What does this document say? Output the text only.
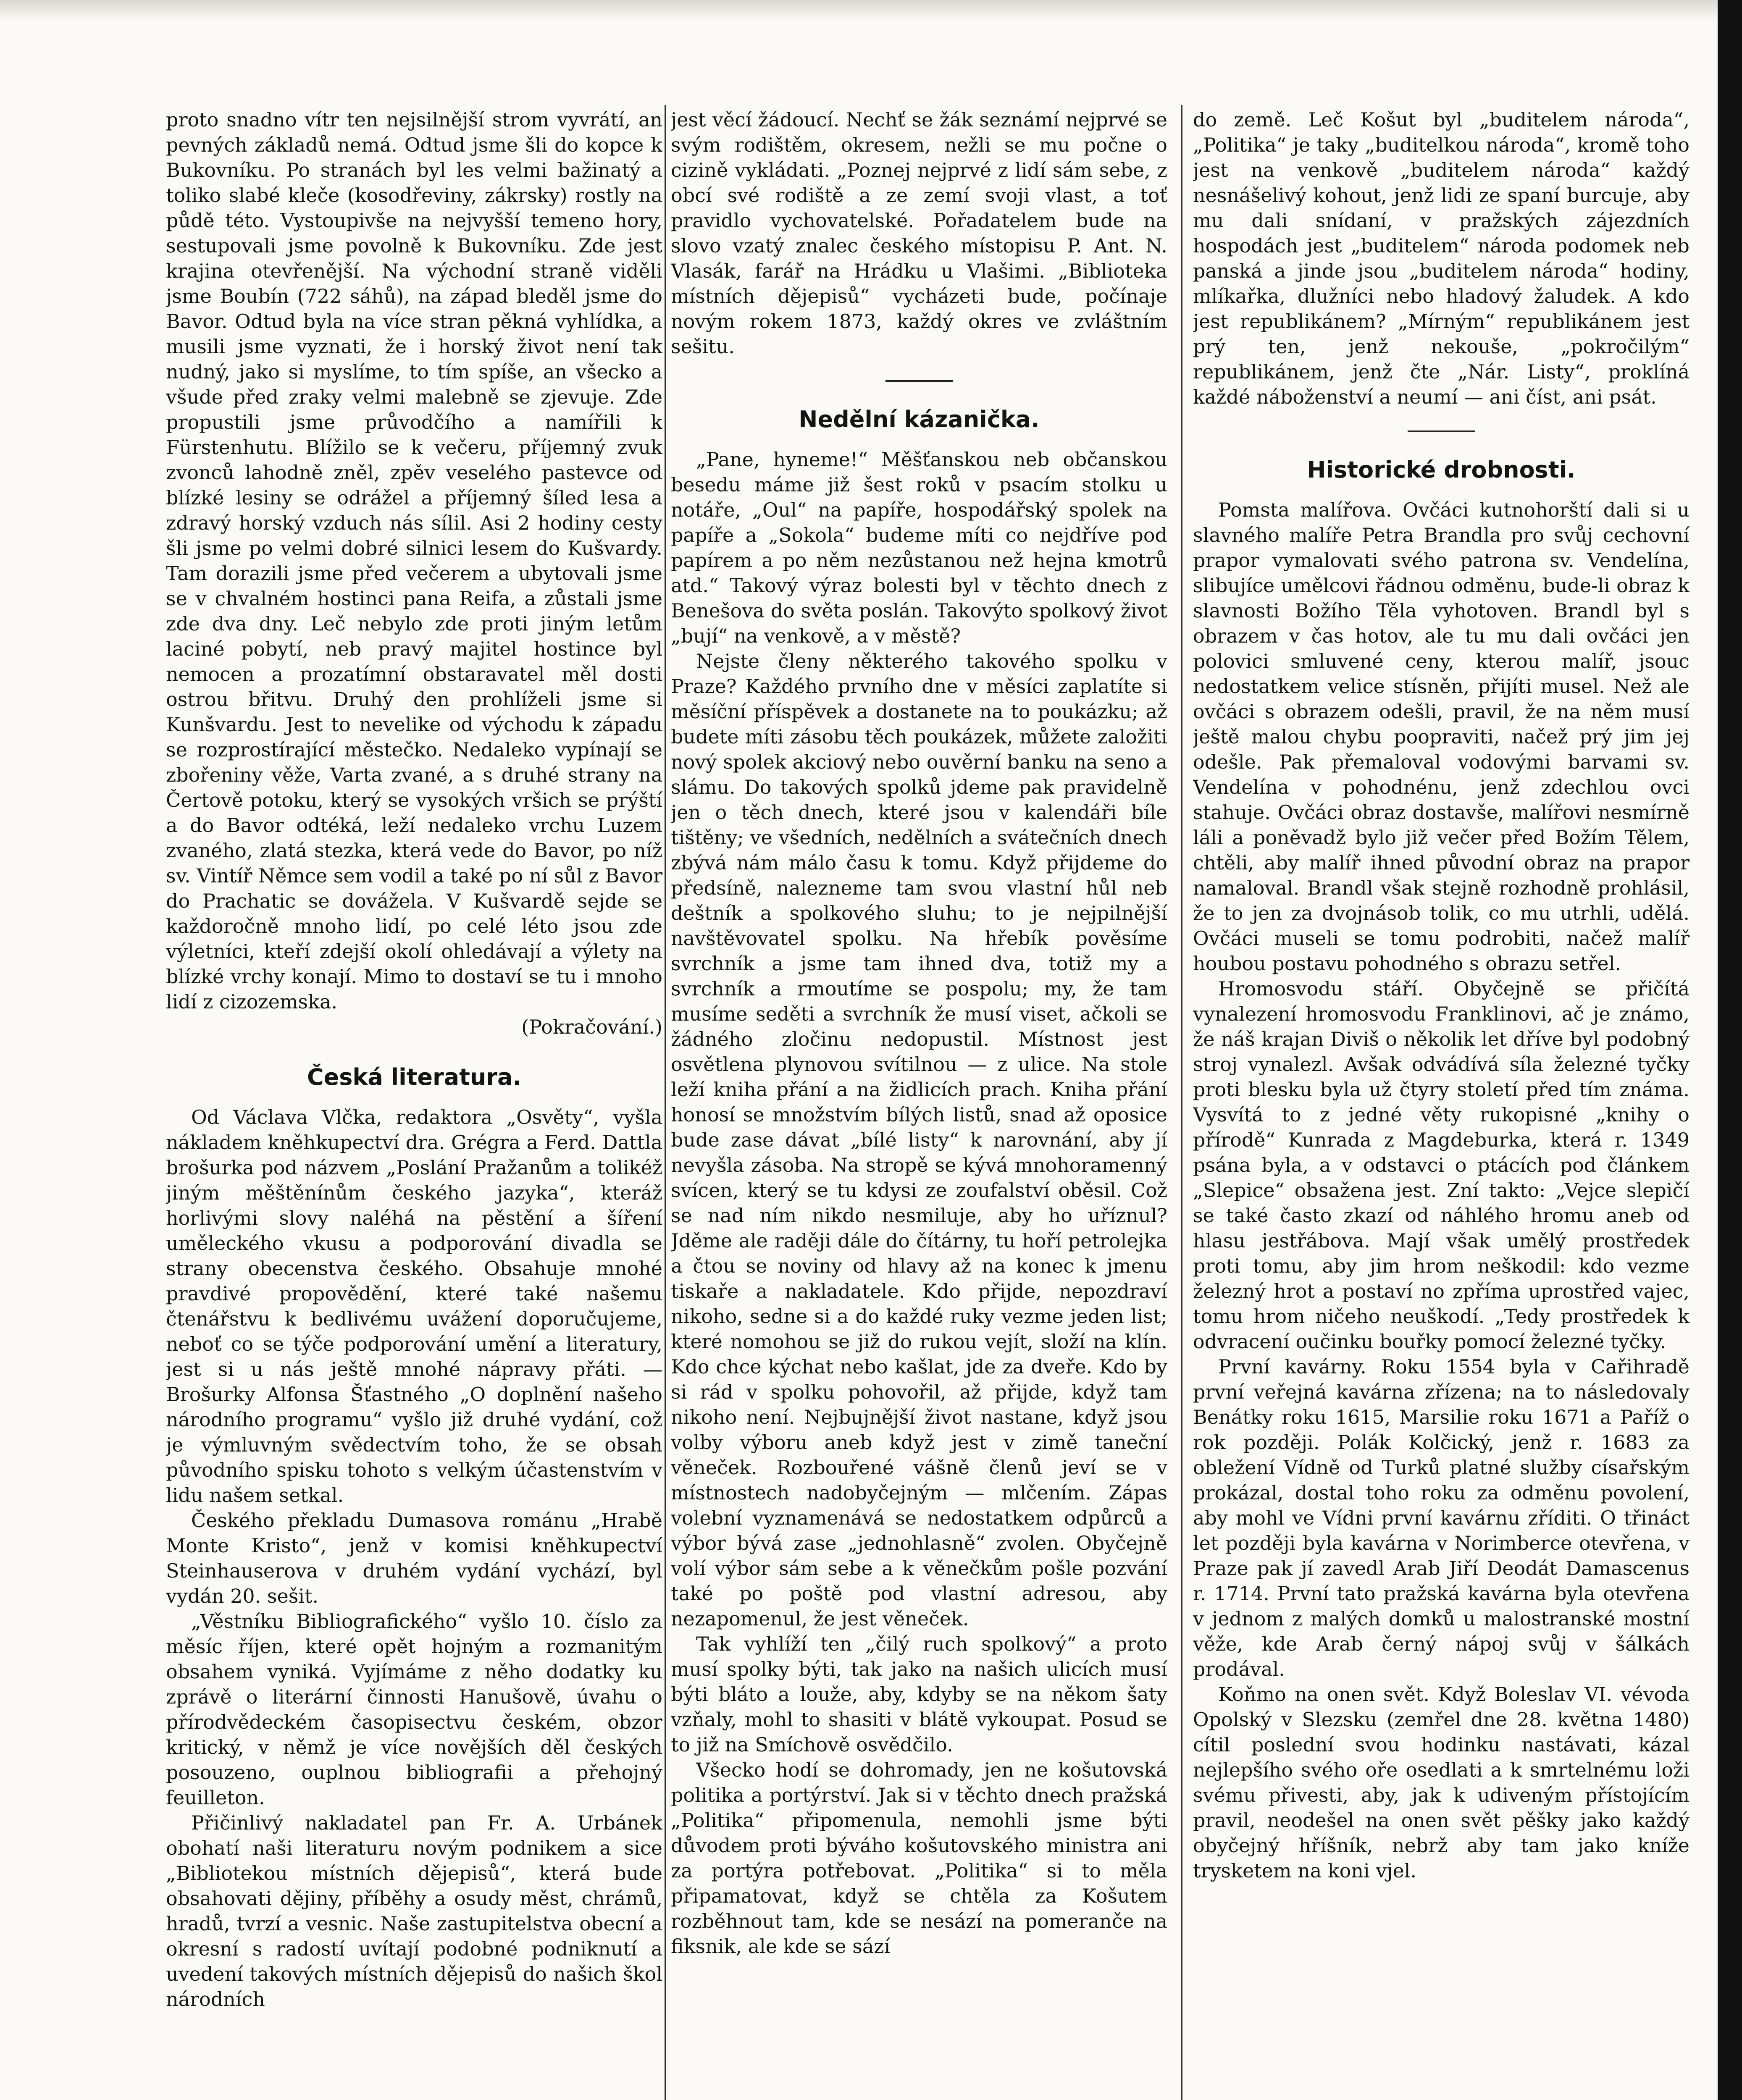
proto snadno vítr ten nejsilnější strom vyvrátí, an pevných základů nemá. Odtud jsme šli do kopce k Bukovníku. Po stranách byl les velmi bažinatý a toliko slabé kleče (kosodřeviny, zákrsky) rostly na půdě této. Vystoupivše na nejvyšší temeno hory, sestupovali jsme povolně k Bukovníku. Zde jest krajina otevřenější. Na východní straně viděli jsme Boubín (722 sáhů), na západ bleděl jsme do Bavor. Odtud byla na více stran pěkná vyhlídka, a musili jsme vyznati, že i horský život není tak nudný, jako si myslíme, to tím spíše, an všecko a všude před zraky velmi malebně se zjevuje. Zde propustili jsme průvodčího a namířili k Fürstenhutu. Blížilo se k večeru, příjemný zvuk zvonců lahodně zněl, zpěv veselého pastevce od blízké lesiny se odrážel a příjemný šíled lesa a zdravý horský vzduch nás sílil. Asi 2 hodiny cesty šli jsme po velmi dobré silnici lesem do Kušvardy. Tam dorazili jsme před večerem a ubytovali jsme se v chvalném hostinci pana Reifa, a zůstali jsme zde dva dny. Leč nebylo zde proti jiným letům laciné pobytí, neb pravý majitel hostince byl nemocen a prozatímní obstaravatel měl dosti ostrou břitvu. Druhý den prohlíželi jsme si Kunšvardu. Jest to nevelike od východu k západu se rozprostírající městečko. Nedaleko vypínají se zbořeniny věže, Varta zvané, a s druhé strany na Čertově potoku, který se vysokých vršich se prýští a do Bavor odtéká, leží nedaleko vrchu Luzem zvaného, zlatá stezka, která vede do Bavor, po níž sv. Vintíř Němce sem vodil a také po ní sůl z Bavor do Prachatic se dovážela. V Kušvardě sejde se každoročně mnoho lidí, po celé léto jsou zde výletníci, kteří zdejší okolí ohledávají a výlety na blízké vrchy konají. Mimo to dostaví se tu i mnoho lidí z cizozemska.

(Pokračování.)
Česká literatura.

Od Václava Vlčka, redaktora „Osvěty“, vyšla nákladem kněhkupectví dra. Grégra a Ferd. Dattla brošurka pod názvem „Poslání Pražanům a tolikéž jiným měštěnínům českého jazyka“, kteráž horlivými slovy naléhá na pěstění a šíření uměleckého vkusu a podporování divadla se strany obecenstva českého. Obsahuje mnohé pravdivé propovědění, které také našemu čtenářstvu k bedlivému uvážení doporučujeme, neboť co se týče podporování umění a literatury, jest si u nás ještě mnohé nápravy přáti. — Brošurky Alfonsa Šťastného „O doplnění našeho národního programu“ vyšlo již druhé vydání, což je výmluvným svědectvím toho, že se obsah původního spisku tohoto s velkým účastenstvím v lidu našem setkal.

Českého překladu Dumasova románu „Hrabě Monte Kristo“, jenž v komisi kněhkupectví Steinhauserova v druhém vydání vychází, byl vydán 20. sešit.

„Věstníku Bibliografického“ vyšlo 10. číslo za měsíc říjen, které opět hojným a rozmanitým obsahem vyniká. Vyjímáme z něho dodatky ku zprávě o literární činnosti Hanušově, úvahu o přírodvědeckém časopisectvu českém, obzor kritický, v němž je více novějších děl českých posouzeno, ouplnou bibliografii a přehojný feuilleton.

Přičinlivý nakladatel pan Fr. A. Urbánek obohatí naši literaturu novým podnikem a sice „Bibliotekou místních dějepisů“, která bude obsahovati dějiny, příběhy a osudy měst, chrámů, hradů, tvrzí a vesnic. Naše zastupitelstva obecní a okresní s radostí uvítají podobné podniknutí a uvedení takových místních dějepisů do našich škol národních

jest věcí žádoucí. Nechť se žák seznámí nejprvé se svým rodištěm, okresem, nežli se mu počne o cizině vykládati. „Poznej nejprvé z lidí sám sebe, z obcí své rodiště a ze zemí svoji vlast, a toť pravidlo vychovatelské. Pořadatelem bude na slovo vzatý znalec českého místopisu P. Ant. N. Vlasák, farář na Hrádku u Vlašimi. „Biblioteka místních dějepisů“ vycházeti bude, počínaje novým rokem 1873, každý okres ve zvláštním sešitu.

Nedělní kázanička.

„Pane, hyneme!“ Měšťanskou neb občanskou besedu máme již šest roků v psacím stolku u notáře, „Oul“ na papíře, hospodářský spolek na papíře a „Sokola“ budeme míti co nejdříve pod papírem a po něm nezůstanou než hejna kmotrů atd.“ Takový výraz bolesti byl v těchto dnech z Benešova do světa poslán. Takovýto spolkový život „bují“ na venkově, a v městě?

Nejste členy některého takového spolku v Praze? Každého prvního dne v měsíci zaplatíte si měsíční příspěvek a dostanete na to poukázku; až budete míti zásobu těch poukázek, můžete založiti nový spolek akciový nebo ouvěrní banku na seno a slámu. Do takových spolků jdeme pak pravidelně jen o těch dnech, které jsou v kalendáři bíle tištěny; ve všedních, nedělních a svátečních dnech zbývá nám málo času k tomu. Když přijdeme do předsíně, nalezneme tam svou vlastní hůl neb deštník a spolkového sluhu; to je nejpilnější navštěvovatel spolku. Na hřebík pověsíme svrchník a jsme tam ihned dva, totiž my a svrchník a rmoutíme se pospolu; my, že tam musíme seděti a svrchník že musí viset, ačkoli se žádného zločinu nedopustil. Místnost jest osvětlena plynovou svítilnou — z ulice. Na stole leží kniha přání a na židlicích prach. Kniha přání honosí se množstvím bílých listů, snad až oposice bude zase dávat „bílé listy“ k narovnání, aby jí nevyšla zásoba. Na stropě se kývá mnohoramenný svícen, který se tu kdysi ze zoufalství oběsil. Což se nad ním nikdo nesmiluje, aby ho uříznul? Jděme ale raději dále do čítárny, tu hoří petrolejka a čtou se noviny od hlavy až na konec k jmenu tiskaře a nakladatele. Kdo přijde, nepozdraví nikoho, sedne si a do každé ruky vezme jeden list; které nomohou se již do rukou vejít, složí na klín. Kdo chce kýchat nebo kašlat, jde za dveře. Kdo by si rád v spolku pohovořil, až přijde, když tam nikoho není. Nejbujnější život nastane, když jsou volby výboru aneb když jest v zimě taneční věneček. Rozbouřené vášně členů jeví se v místnostech nadobyčejným — mlčením. Zápas volební vyznamenává se nedostatkem odpůrců a výbor bývá zase „jednohlasně“ zvolen. Obyčejně volí výbor sám sebe a k věnečkům pošle pozvání také po poště pod vlastní adresou, aby nezapomenul, že jest věneček.

Tak vyhlíží ten „čilý ruch spolkový“ a proto musí spolky býti, tak jako na našich ulicích musí býti bláto a louže, aby, kdyby se na někom šaty vzňaly, mohl to shasiti v blátě vykoupat. Posud se to již na Smíchově osvědčilo.

Všecko hodí se dohromady, jen ne košutovská politika a portýrství. Jak si v těchto dnech pražská „Politika“ připomenula, nemohli jsme býti důvodem proti býváho košutovského ministra ani za portýra potřebovat. „Politika“ si to měla připamatovat, když se chtěla za Košutem rozběhnout tam, kde se nesází na pomeranče na fiksnik, ale kde se sází

do země. Leč Košut byl „buditelem národa“, „Politika“ je taky „buditelkou národa“, kromě toho jest na venkově „buditelem národa“ každý nesnášelivý kohout, jenž lidi ze spaní burcuje, aby mu dali snídaní, v pražských zájezdních hospodách jest „buditelem“ národa podomek neb panská a jinde jsou „buditelem národa“ hodiny, mlíkařka, dlužníci nebo hladový žaludek. A kdo jest republikánem? „Mírným“ republikánem jest prý ten, jenž nekouše, „pokročilým“ republikánem, jenž čte „Nár. Listy“, proklíná každé náboženství a neumí — ani číst, ani psát.

Historické drobnosti.

Pomsta malířova. Ovčáci kutnohorští dali si u slavného malíře Petra Brandla pro svůj cechovní prapor vymalovati svého patrona sv. Vendelína, slibujíce umělcovi řádnou odměnu, bude-li obraz k slavnosti Božího Těla vyhotoven. Brandl byl s obrazem v čas hotov, ale tu mu dali ovčáci jen polovici smluvené ceny, kterou malíř, jsouc nedostatkem velice stísněn, přijíti musel. Než ale ovčáci s obrazem odešli, pravil, že na něm musí ještě malou chybu poopraviti, načež prý jim jej odešle. Pak přemaloval vodovými barvami sv. Vendelína v pohodnénu, jenž zdechlou ovci stahuje. Ovčáci obraz dostavše, malířovi nesmírně láli a poněvadž bylo již večer před Božím Tělem, chtěli, aby malíř ihned původní obraz na prapor namaloval. Brandl však stejně rozhodně prohlásil, že to jen za dvojnásob tolik, co mu utrhli, udělá. Ovčáci museli se tomu podrobiti, načež malíř houbou postavu pohodného s obrazu setřel.

Hromosvodu stáří. Obyčejně se přičítá vynalezení hromosvodu Franklinovi, ač je známo, že náš krajan Diviš o několik let dříve byl podobný stroj vynalezl. Avšak odvádívá síla železné tyčky proti blesku byla už čtyry století před tím známa. Vysvítá to z jedné věty rukopisné „knihy o přírodě“ Kunrada z Magdeburka, která r. 1349 psána byla, a v odstavci o ptácích pod článkem „Slepice“ obsažena jest. Zní takto: „Vejce slepičí se také často zkazí od náhlého hromu aneb od hlasu jestřábova. Mají však umělý prostředek proti tomu, aby jim hrom neškodil: kdo vezme železný hrot a postaví no zpříma uprostřed vajec, tomu hrom ničeho neuškodí. „Tedy prostředek k odvracení oučinku bouřky pomocí železné tyčky.

První kavárny. Roku 1554 byla v Cařihradě první veřejná kavárna zřízena; na to následovaly Benátky roku 1615, Marsilie roku 1671 a Paříž o rok později. Polák Kolčický, jenž r. 1683 za obležení Vídně od Turků platné služby císařským prokázal, dostal toho roku za odměnu povolení, aby mohl ve Vídni první kavárnu zříditi. O třináct let později byla kavárna v Norimberce otevřena, v Praze pak jí zavedl Arab Jiří Deodát Damascenus r. 1714. První tato pražská kavárna byla otevřena v jednom z malých domků u malostranské mostní věže, kde Arab černý nápoj svůj v šálkách prodával.

Koňmo na onen svět. Když Boleslav VI. vévoda Opolský v Slezsku (zemřel dne 28. května 1480) cítil poslední svou hodinku nastávati, kázal nejlepšího svého oře osedlati a k smrtelnému loži svému přivesti, aby, jak k udiveným přístojícím pravil, neodešel na onen svět pěšky jako každý obyčejný hříšník, nebrž aby tam jako kníže trysketem na koni vjel.
